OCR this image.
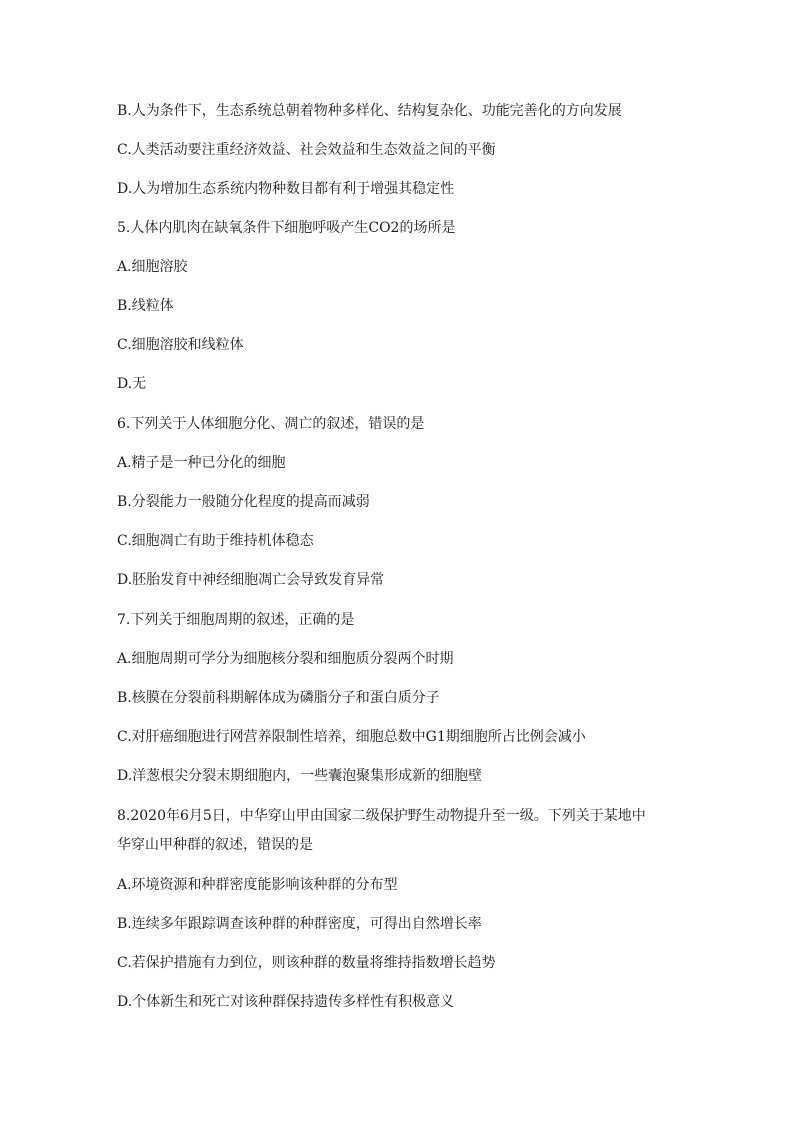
B.人为条件下，生态系统总朝着物种多样化、结构复杂化、功能完善化的方向发展
C.人类活动要注重经济效益、社会效益和生态效益之间的平衡
D.人为增加生态系统内物种数目都有利于增强其稳定性
5.人体内肌肉在缺氧条件下细胞呼吸产生CO2的场所是
A.细胞溶胶
B.线粒体
C.细胞溶胶和线粒体
D.无
6.下列关于人体细胞分化、凋亡的叙述，错误的是
A.精子是一种已分化的细胞
B.分裂能力一般随分化程度的提高而减弱
C.细胞凋亡有助于维持机体稳态
D.胚胎发育中神经细胞凋亡会导致发育异常
7.下列关于细胞周期的叙述，正确的是
A.细胞周期可学分为细胞核分裂和细胞质分裂两个时期
B.核膜在分裂前科期解体成为磷脂分子和蛋白质分子
C.对肝癌细胞进行网营养限制性培养，细胞总数中G1期细胞所占比例会减小
D.洋葱根尖分裂末期细胞内，一些囊泡聚集形成新的细胞壁
8.2020年6月5日，中华穿山甲由国家二级保护野生动物提升至一级。下列关于某地中
华穿山甲种群的叙述，错误的是
A.环境资源和种群密度能影响该种群的分布型
B.连续多年跟踪调查该种群的种群密度，可得出自然增长率
C.若保护措施有力到位，则该种群的数量将维持指数增长趋势
D.个体新生和死亡对该种群保持遗传多样性有积极意义
